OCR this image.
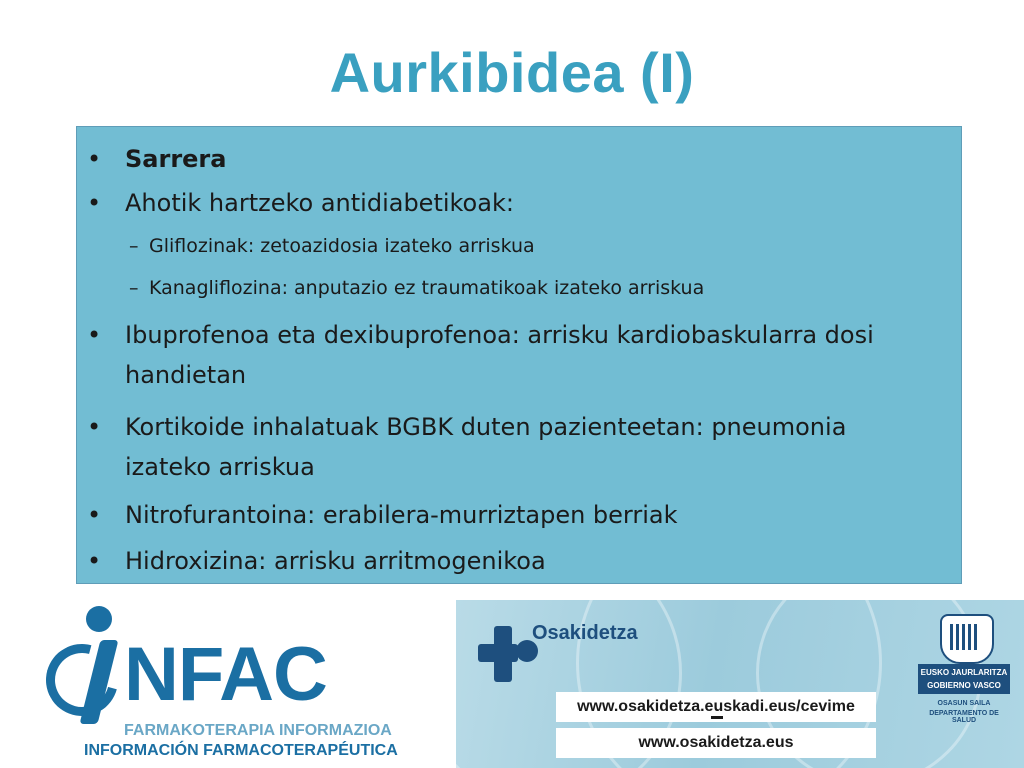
Aurkibidea (I)
• Sarrera
• Ahotik hartzeko antidiabetikoak:
– Gliflozinak: zetoazidosia izateko arriskua
– Kanagliflozina: anputazio ez traumatikoak izateko arriskua
• Ibuprofenoa eta dexibuprofenoa: arrisku kardiobaskularra dosi handietan
• Kortikoide inhalatuak BGBK duten pazienteetan: pneumonia izateko arriskua
• Nitrofurantoina: erabilera-murriztapen berriak
• Hidroxizina: arrisku arritmogenikoa
NFAC
FARMAKOTERAPIA INFORMAZIOA
INFORMACIÓN FARMACOTERAPÉUTICA
Osakidetza
www.osakidetza.euskadi.eus/cevime
www.osakidetza.eus
EUSKO JAURLARITZA
GOBIERNO VASCO
OSASUN SAILA
DEPARTAMENTO DE SALUD
